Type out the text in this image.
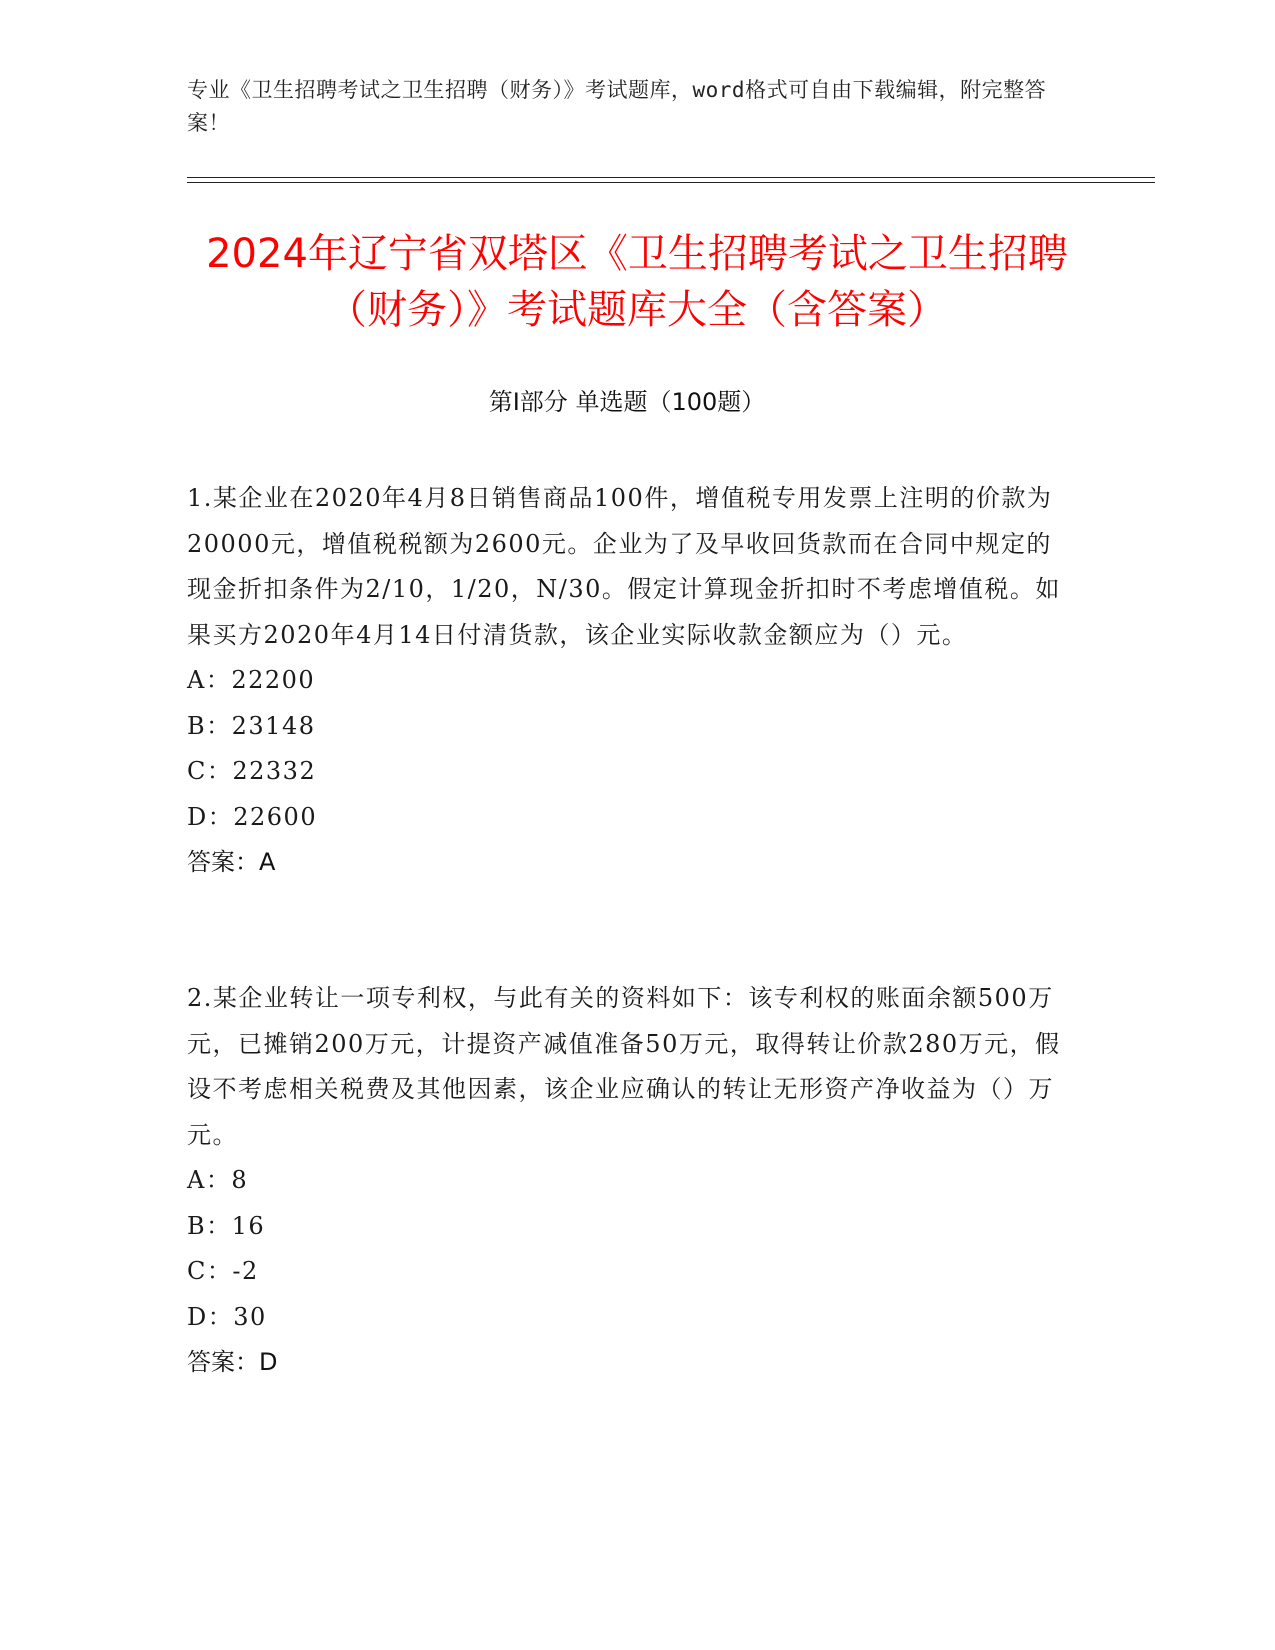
专业《卫生招聘考试之卫生招聘（财务）》考试题库，word格式可自由下载编辑，附完整答案！
2024年辽宁省双塔区《卫生招聘考试之卫生招聘（财务）》考试题库大全（含答案）
第Ⅰ部分 单选题（100题）

1.某企业在2020年4月8日销售商品100件，增值税专用发票上注明的价款为20000元，增值税税额为2600元。企业为了及早收回货款而在合同中规定的现金折扣条件为2/10，1/20，N/30。假定计算现金折扣时不考虑增值税。如果买方2020年4月14日付清货款，该企业实际收款金额应为（）元。

A：22200

B：23148

C：22332

D：22600

答案：A

2.某企业转让一项专利权，与此有关的资料如下：该专利权的账面余额500万元，已摊销200万元，计提资产减值准备50万元，取得转让价款280万元，假设不考虑相关税费及其他因素，该企业应确认的转让无形资产净收益为（）万元。

A：8

B：16

C：-2

D：30

答案：D
